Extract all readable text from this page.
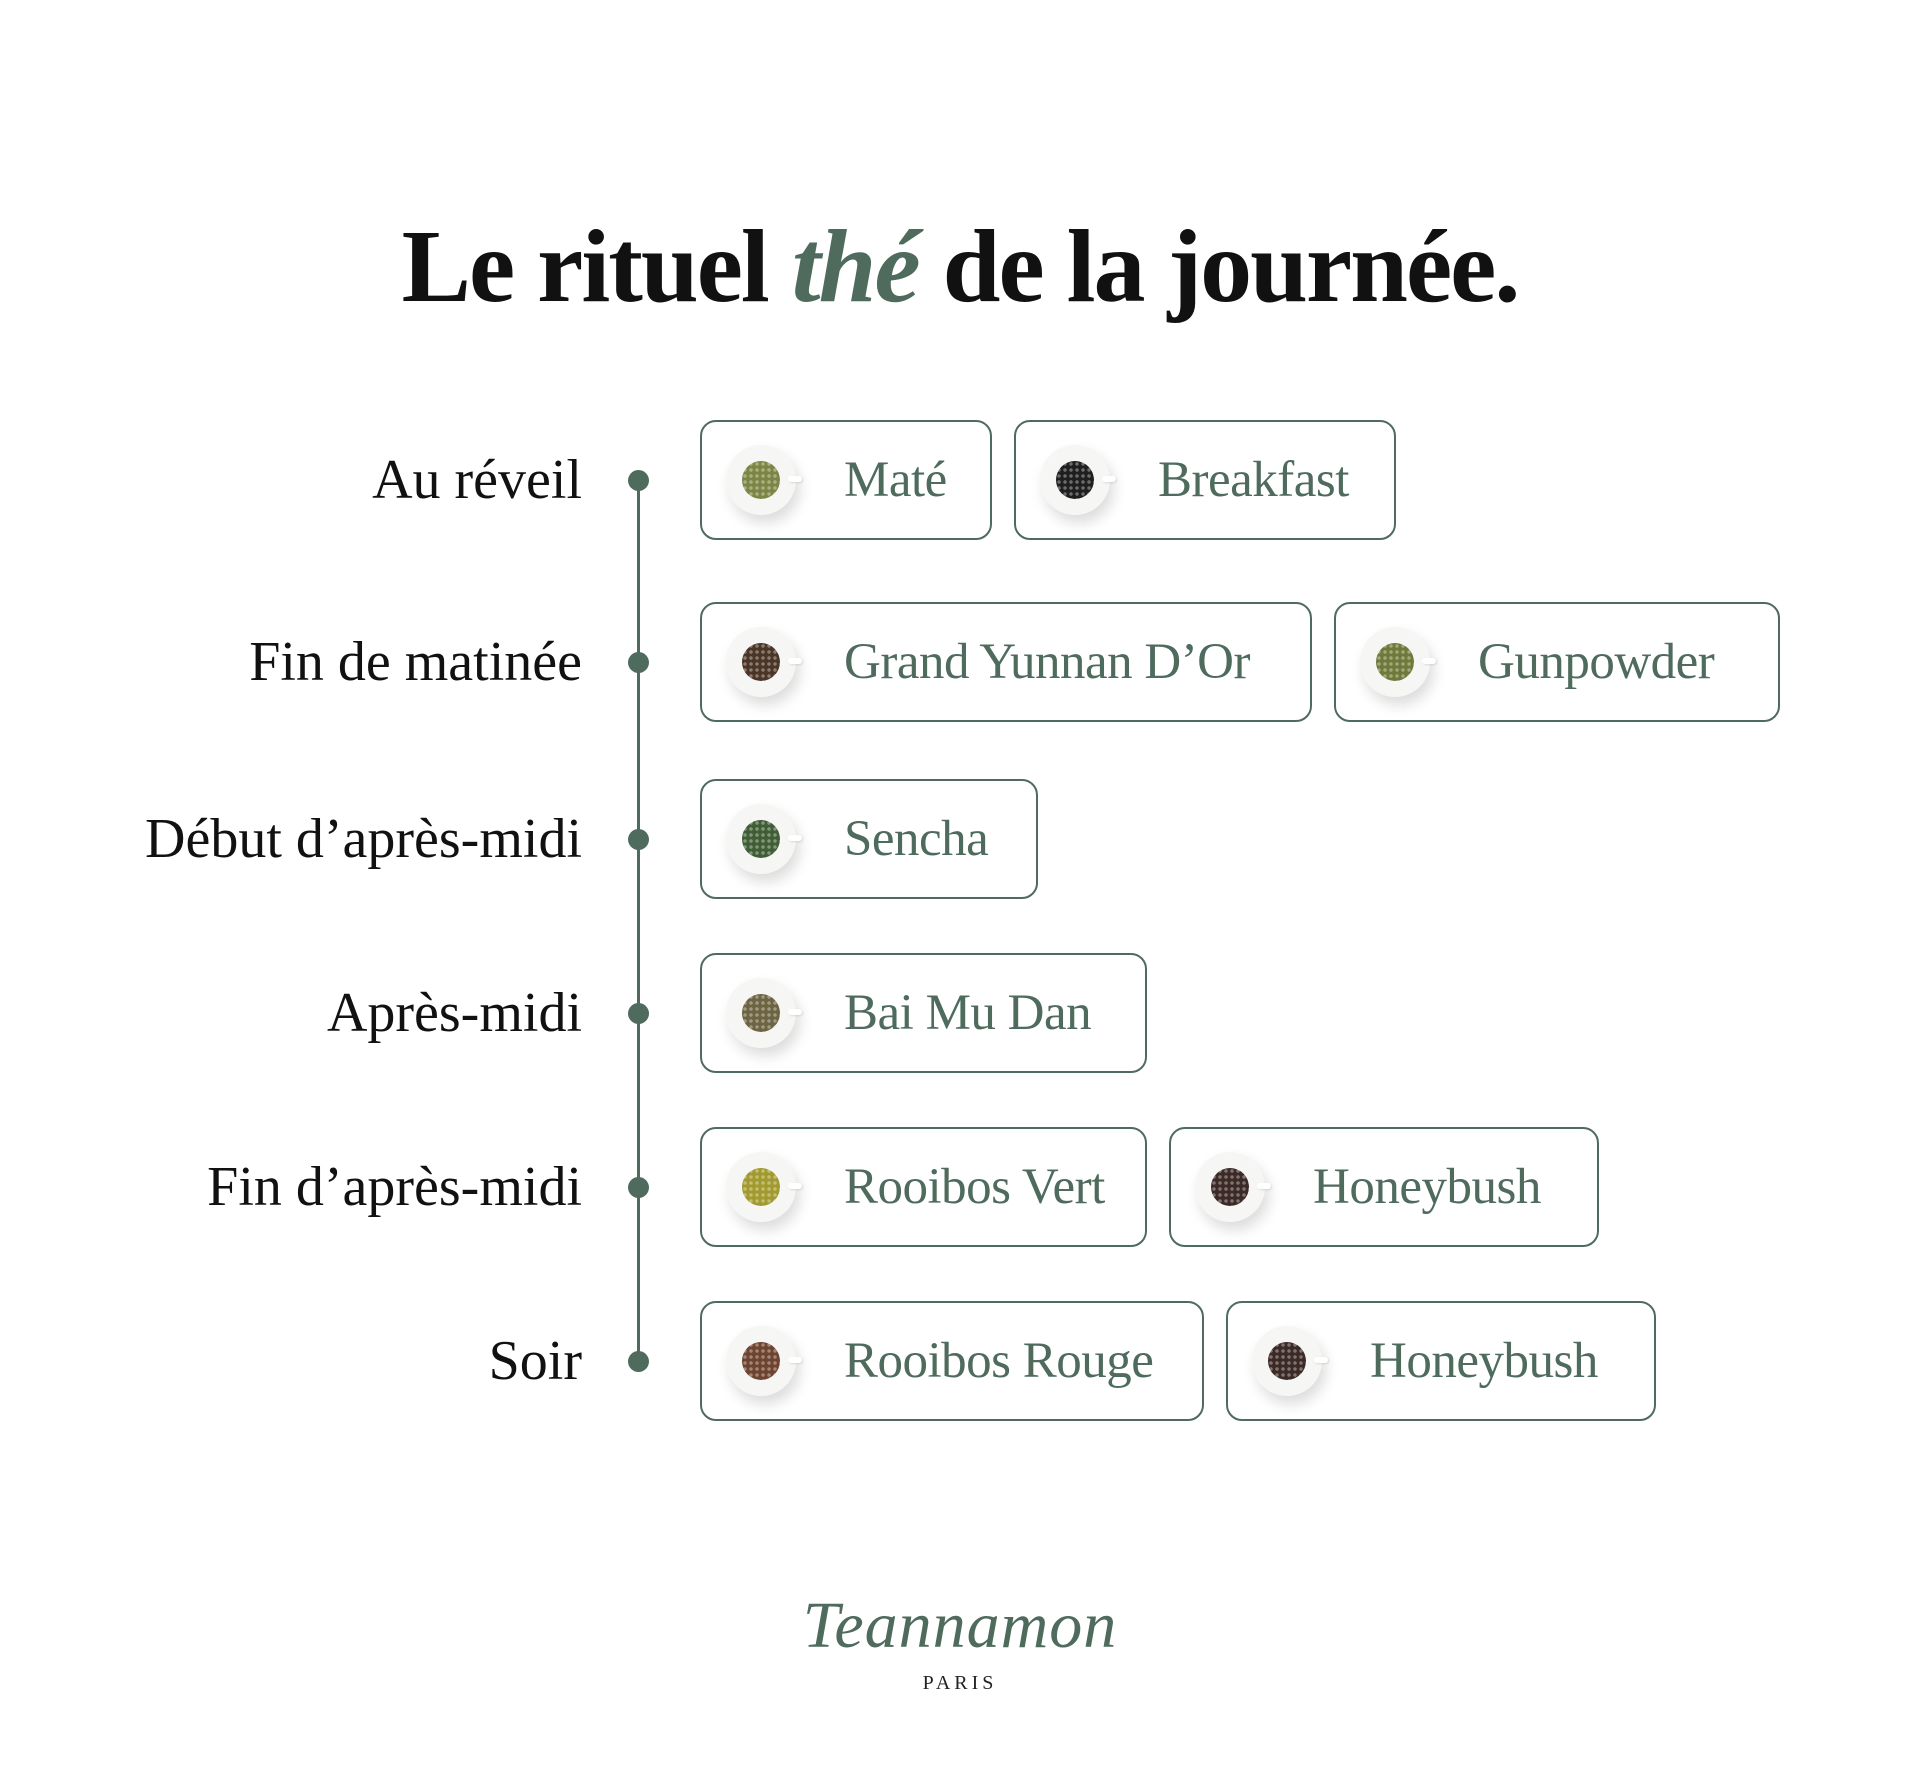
Le rituel thé de la journée.
Au réveil	Maté	Breakfast
Fin de matinée	Grand Yunnan D’Or	Gunpowder
Début d’après-midi	Sencha
Après-midi	Bai Mu Dan
Fin d’après-midi	Rooibos Vert	Honeybush
Soir	Rooibos Rouge	Honeybush
Teannamon
PARIS
